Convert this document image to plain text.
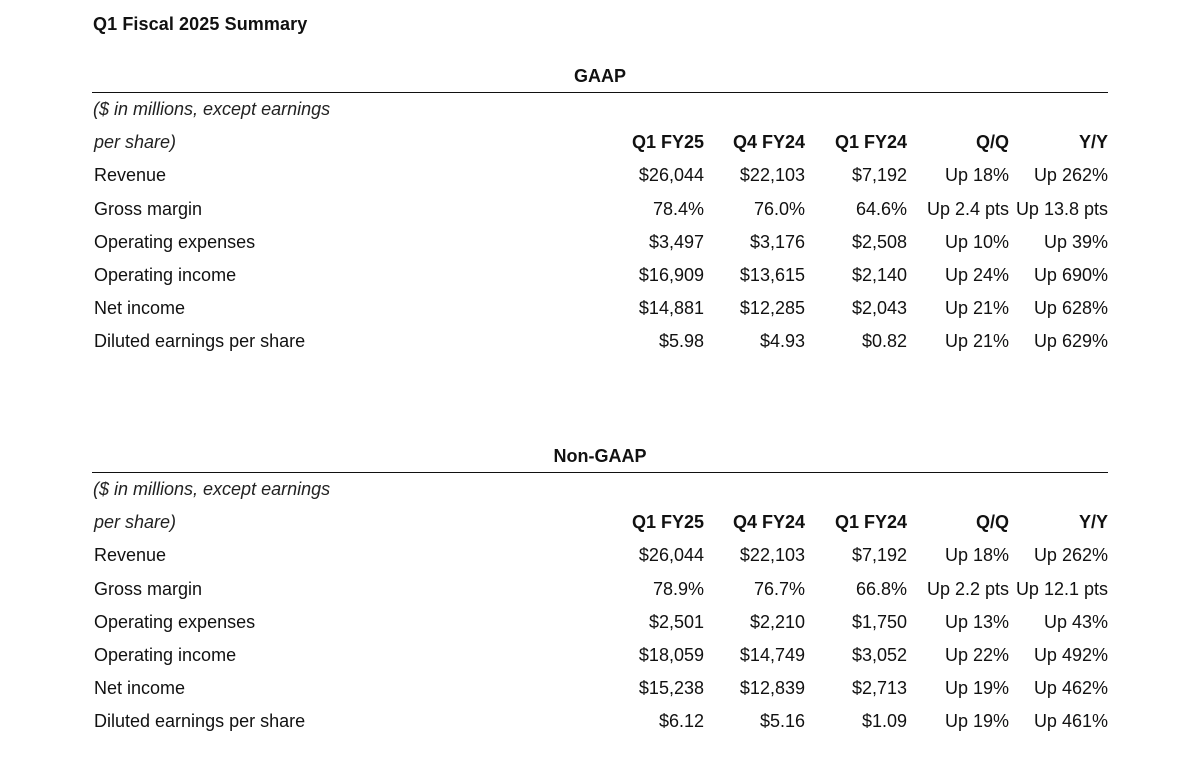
Q1 Fiscal 2025 Summary
GAAP
($ in millions, except earnings					
per share)	Q1 FY25	Q4 FY24	Q1 FY24	Q/Q	Y/Y
Revenue	$26,044	$22,103	$7,192	Up 18%	Up 262%
Gross margin	78.4%	76.0%	64.6%	Up 2.4 pts	Up 13.8 pts
Operating expenses	$3,497	$3,176	$2,508	Up 10%	Up 39%
Operating income	$16,909	$13,615	$2,140	Up 24%	Up 690%
Net income	$14,881	$12,285	$2,043	Up 21%	Up 628%
Diluted earnings per share	$5.98	$4.93	$0.82	Up 21%	Up 629%
Non-GAAP
($ in millions, except earnings					
per share)	Q1 FY25	Q4 FY24	Q1 FY24	Q/Q	Y/Y
Revenue	$26,044	$22,103	$7,192	Up 18%	Up 262%
Gross margin	78.9%	76.7%	66.8%	Up 2.2 pts	Up 12.1 pts
Operating expenses	$2,501	$2,210	$1,750	Up 13%	Up 43%
Operating income	$18,059	$14,749	$3,052	Up 22%	Up 492%
Net income	$15,238	$12,839	$2,713	Up 19%	Up 462%
Diluted earnings per share	$6.12	$5.16	$1.09	Up 19%	Up 461%
